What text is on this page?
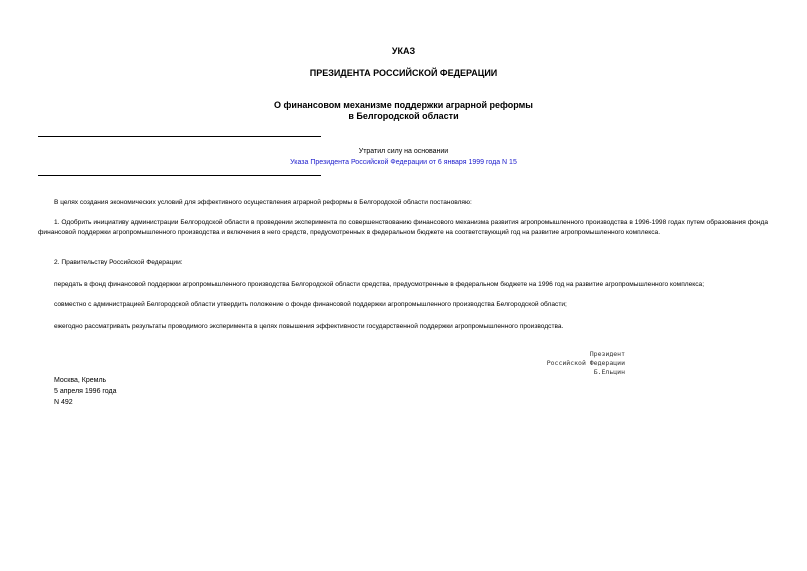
УКАЗ
ПРЕЗИДЕНТА РОССИЙСКОЙ ФЕДЕРАЦИИ
О финансовом механизме поддержки аграрной реформы
в Белгородской области
Утратил силу на основании
Указа Президента Российской Федерации от 6 января 1999 года N 15
В целях создания экономических условий для эффективного осуществления аграрной реформы в Белгородской области постановляю:
1. Одобрить инициативу администрации Белгородской области в проведении эксперимента по совершенствованию финансового механизма развития агропромышленного производства в 1996-1998 годах путем образования фонда финансовой поддержки агропромышленного производства и включения в него средств, предусмотренных в федеральном бюджете на соответствующий год на развитие агропромышленного комплекса.
2. Правительству Российской Федерации:
передать в фонд финансовой поддержки агропромышленного производства Белгородской области средства, предусмотренные в федеральном бюджете на 1996 год на развитие агропромышленного комплекса;
совместно с администрацией Белгородской области утвердить положение о фонде финансовой поддержки агропромышленного производства Белгородской области;
ежегодно рассматривать результаты проводимого эксперимента в целях повышения эффективности государственной поддержки агропромышленного производства.
Президент
Российской Федерации
Б.Ельцин
Москва, Кремль
5 апреля 1996 года
N 492
